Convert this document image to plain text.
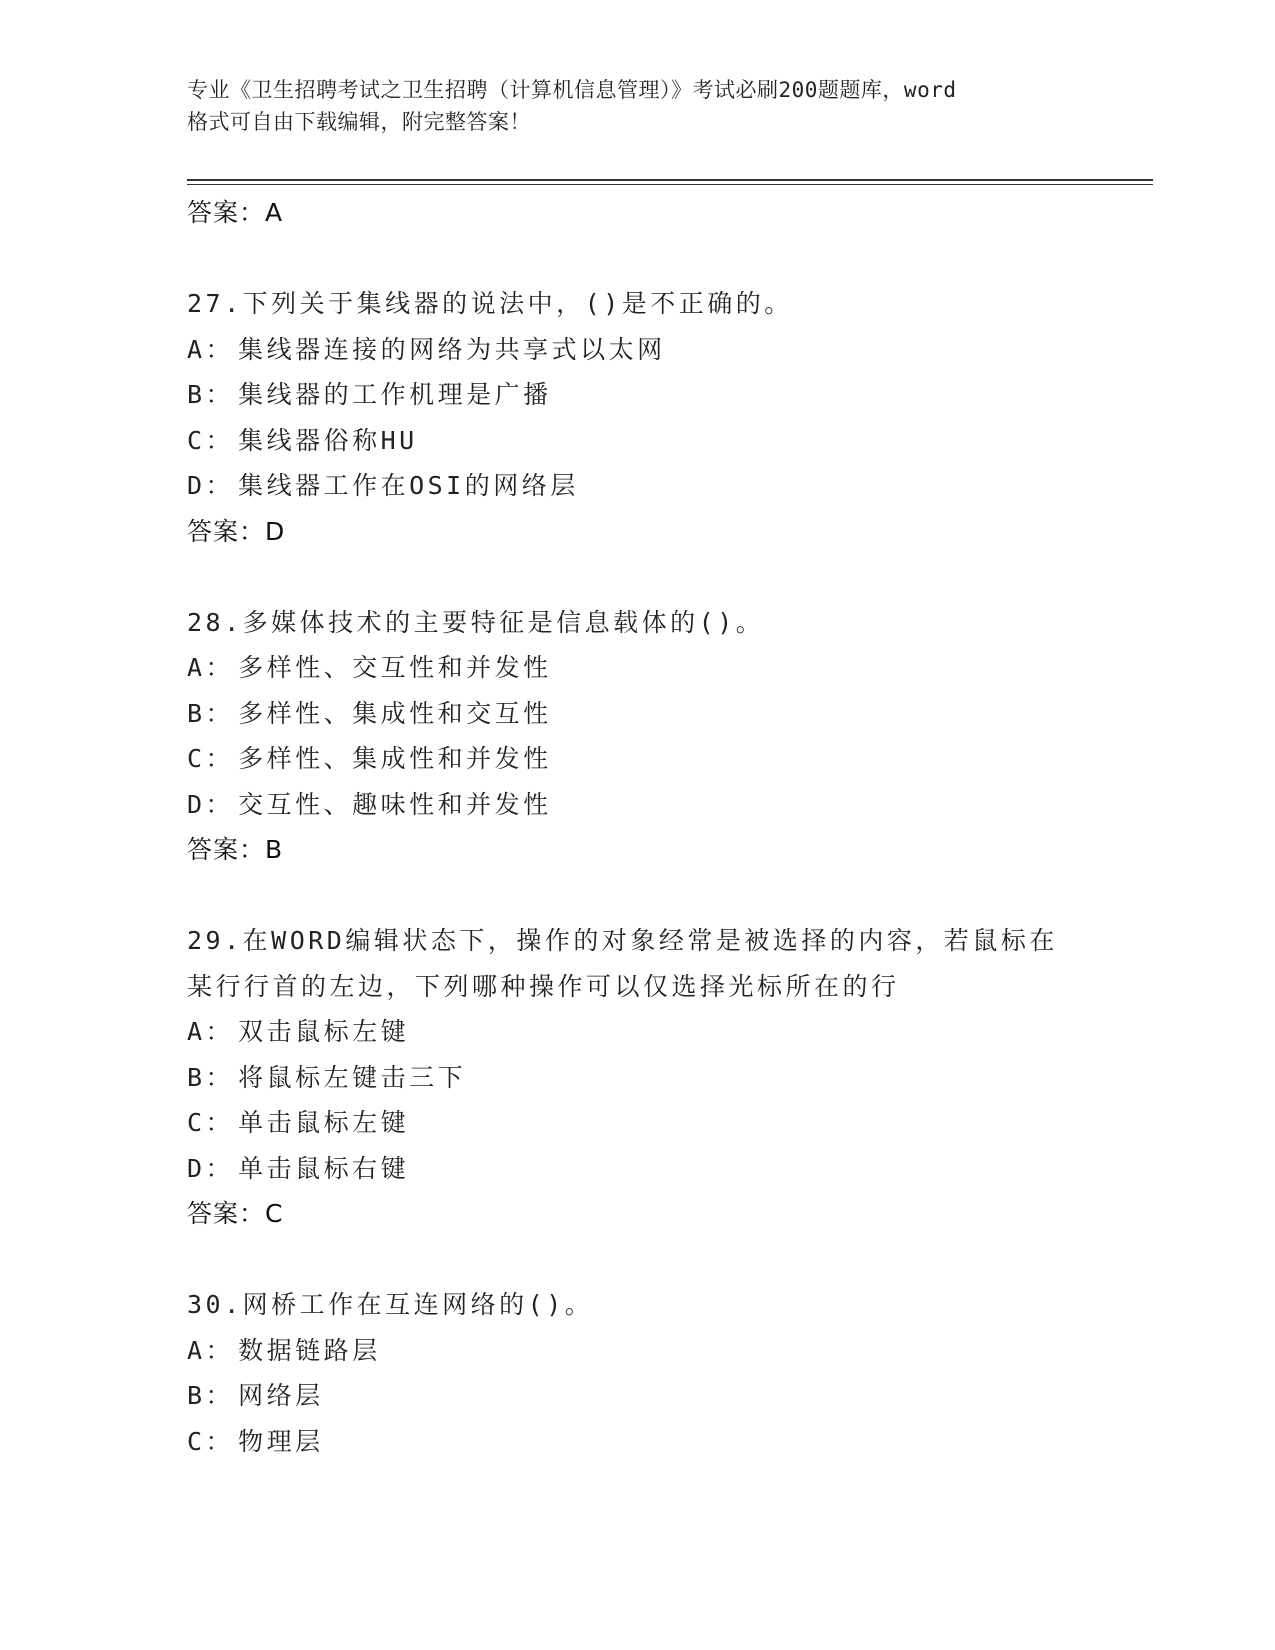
专业《卫生招聘考试之卫生招聘（计算机信息管理）》考试必刷200题题库，word
格式可自由下载编辑，附完整答案！
答案：A
27.下列关于集线器的说法中，()是不正确的。
A： 集线器连接的网络为共享式以太网
B： 集线器的工作机理是广播
C： 集线器俗称HU
D： 集线器工作在OSI的网络层
答案：D
28.多媒体技术的主要特征是信息载体的()。
A： 多样性、交互性和并发性
B： 多样性、集成性和交互性
C： 多样性、集成性和并发性
D： 交互性、趣味性和并发性
答案：B
29.在WORD编辑状态下，操作的对象经常是被选择的内容，若鼠标在
某行行首的左边，下列哪种操作可以仅选择光标所在的行
A： 双击鼠标左键
B： 将鼠标左键击三下
C： 单击鼠标左键
D： 单击鼠标右键
答案：C
30.网桥工作在互连网络的()。
A： 数据链路层
B： 网络层
C： 物理层
